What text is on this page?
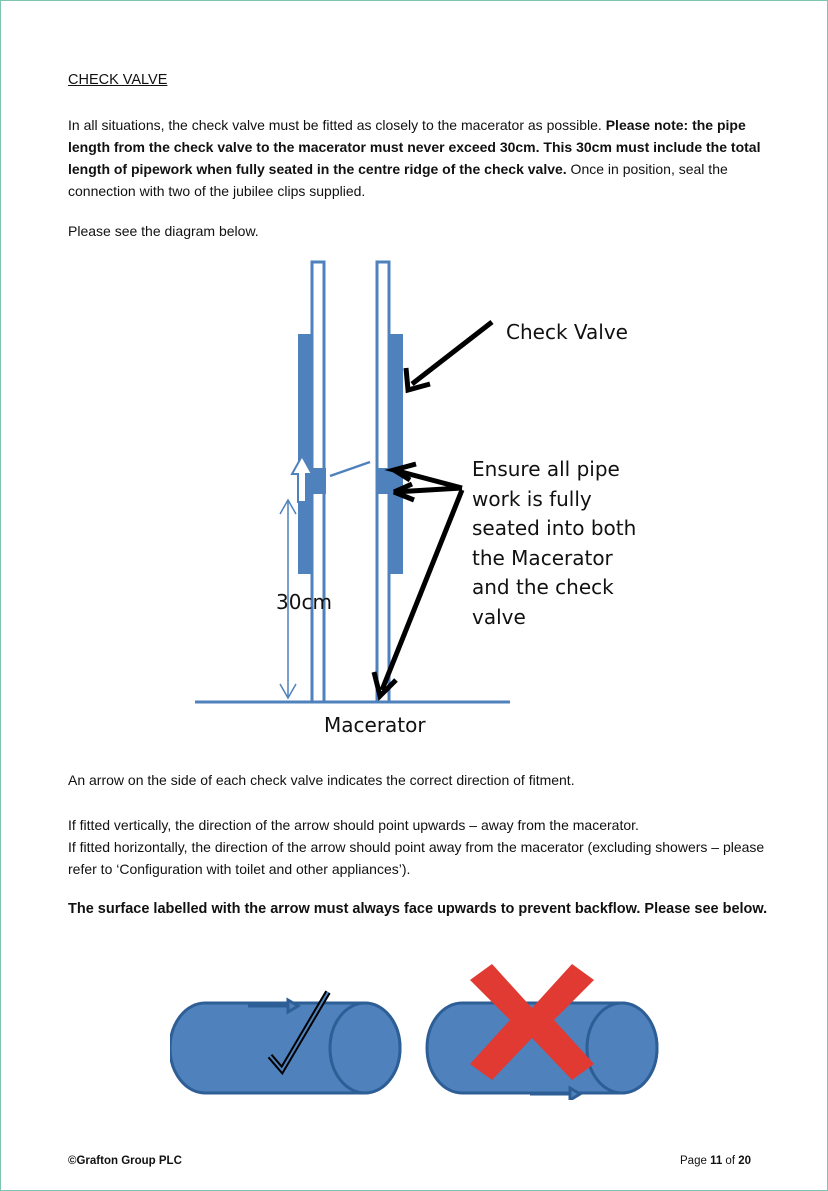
CHECK VALVE
In all situations, the check valve must be fitted as closely to the macerator as possible. Please note: the pipe length from the check valve to the macerator must never exceed 30cm. This 30cm must include the total length of pipework when fully seated in the centre ridge of the check valve. Once in position, seal the connection with two of the jubilee clips supplied.
Please see the diagram below.
Check Valve
Ensure all pipe work is fully seated into both the Macerator and the check valve
30cm
Macerator
An arrow on the side of each check valve indicates the correct direction of fitment.
If fitted vertically, the direction of the arrow should point upwards – away from the macerator.
If fitted horizontally, the direction of the arrow should point away from the macerator (excluding showers – please refer to ‘Configuration with toilet and other appliances’).
The surface labelled with the arrow must always face upwards to prevent backflow. Please see below.
©Grafton Group PLC	Page 11 of 20
